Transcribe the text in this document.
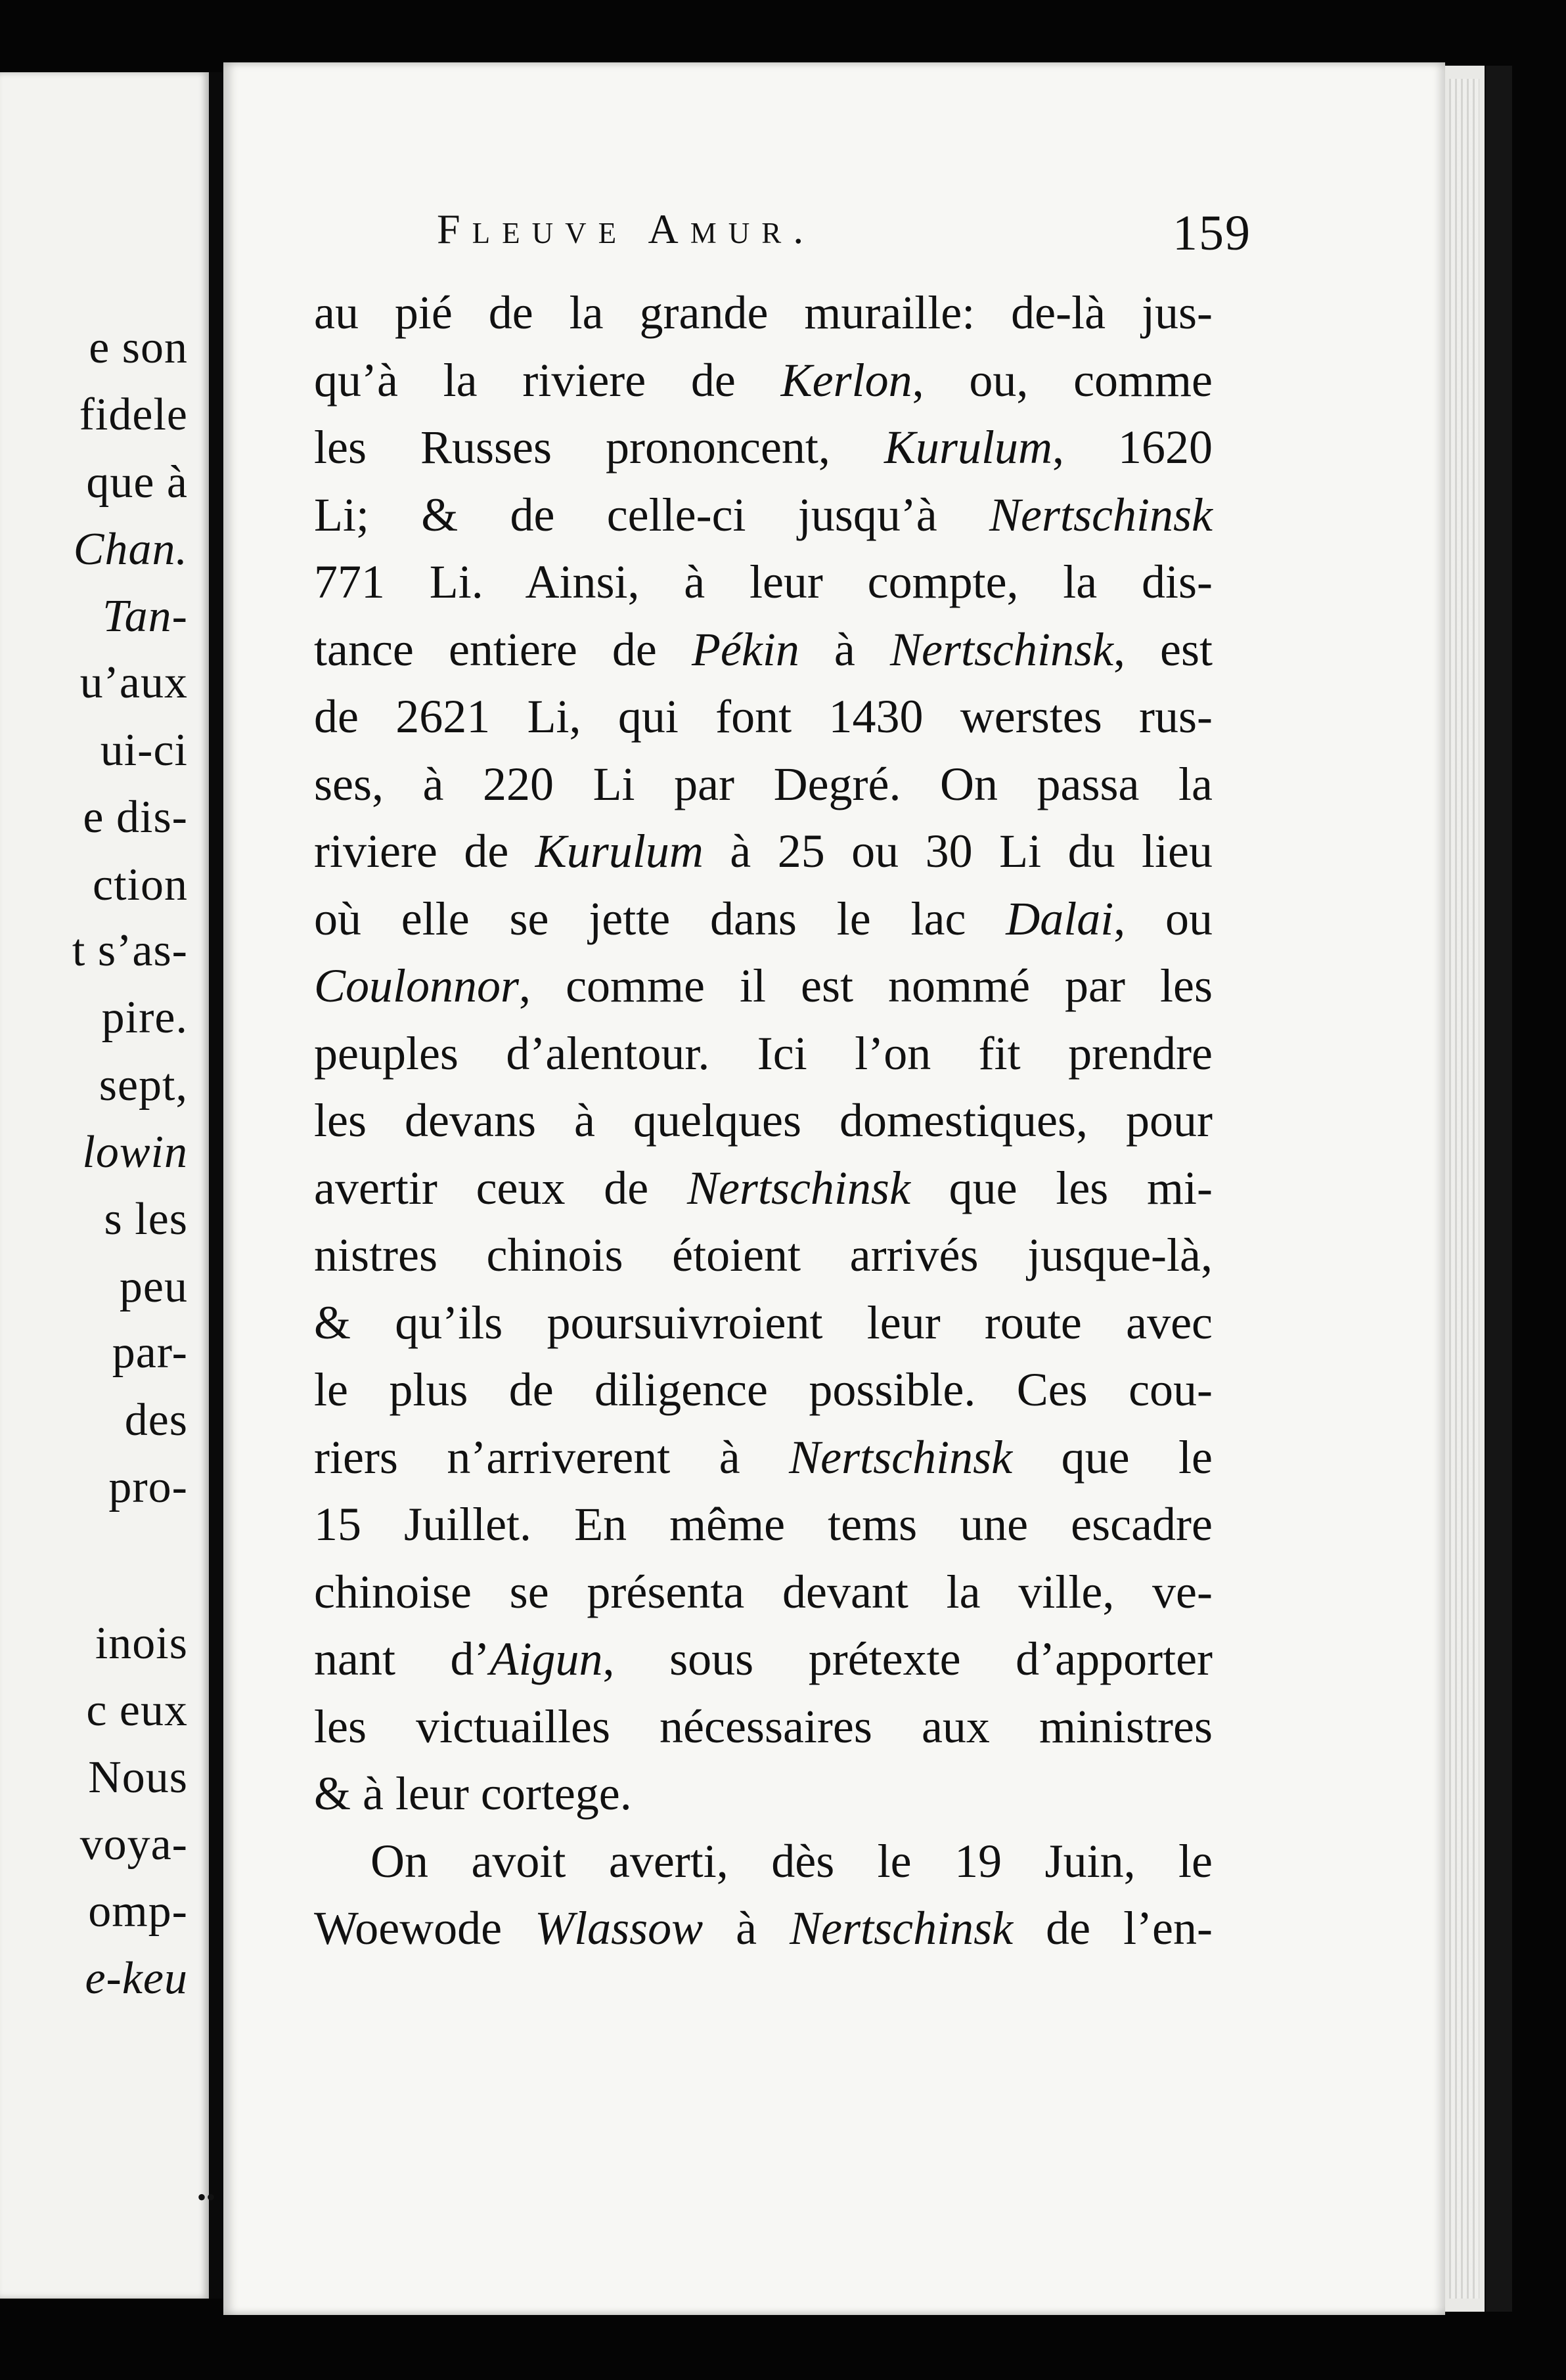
e son
fidele
que à
Chan.
Tan-
u’aux
ui-ci
e dis-
ction
t s’as-
pire.
sept,
lowin
s les
peu
par-
des
pro-
inois
c eux
Nous
voya-
omp-
e-keu
Fleuve Amur.	159
au pié de la grande muraille: de-là jus-
qu’à la riviere de Kerlon, ou, comme
les Russes prononcent, Kurulum, 1620
Li; & de celle-ci jusqu’à Nertschinsk
771 Li. Ainsi, à leur compte, la dis-
tance entiere de Pékin à Nertschinsk, est
de 2621 Li, qui font 1430 werstes rus-
ses, à 220 Li par Degré. On passa la
riviere de Kurulum à 25 ou 30 Li du lieu
où elle se jette dans le lac Dalai, ou
Coulonnor, comme il est nommé par les
peuples d’alentour. Ici l’on fit prendre
les devans à quelques domestiques, pour
avertir ceux de Nertschinsk que les mi-
nistres chinois étoient arrivés jusque-là,
& qu’ils poursuivroient leur route avec
le plus de diligence possible. Ces cou-
riers n’arriverent à Nertschinsk que le
15 Juillet. En même tems une escadre
chinoise se présenta devant la ville, ve-
nant d’Aigun, sous prétexte d’apporter
les victuailles nécessaires aux ministres
& à leur cortege.
On avoit averti, dès le 19 Juin, le
Woewode Wlassow à Nertschinsk de l’en-
••
